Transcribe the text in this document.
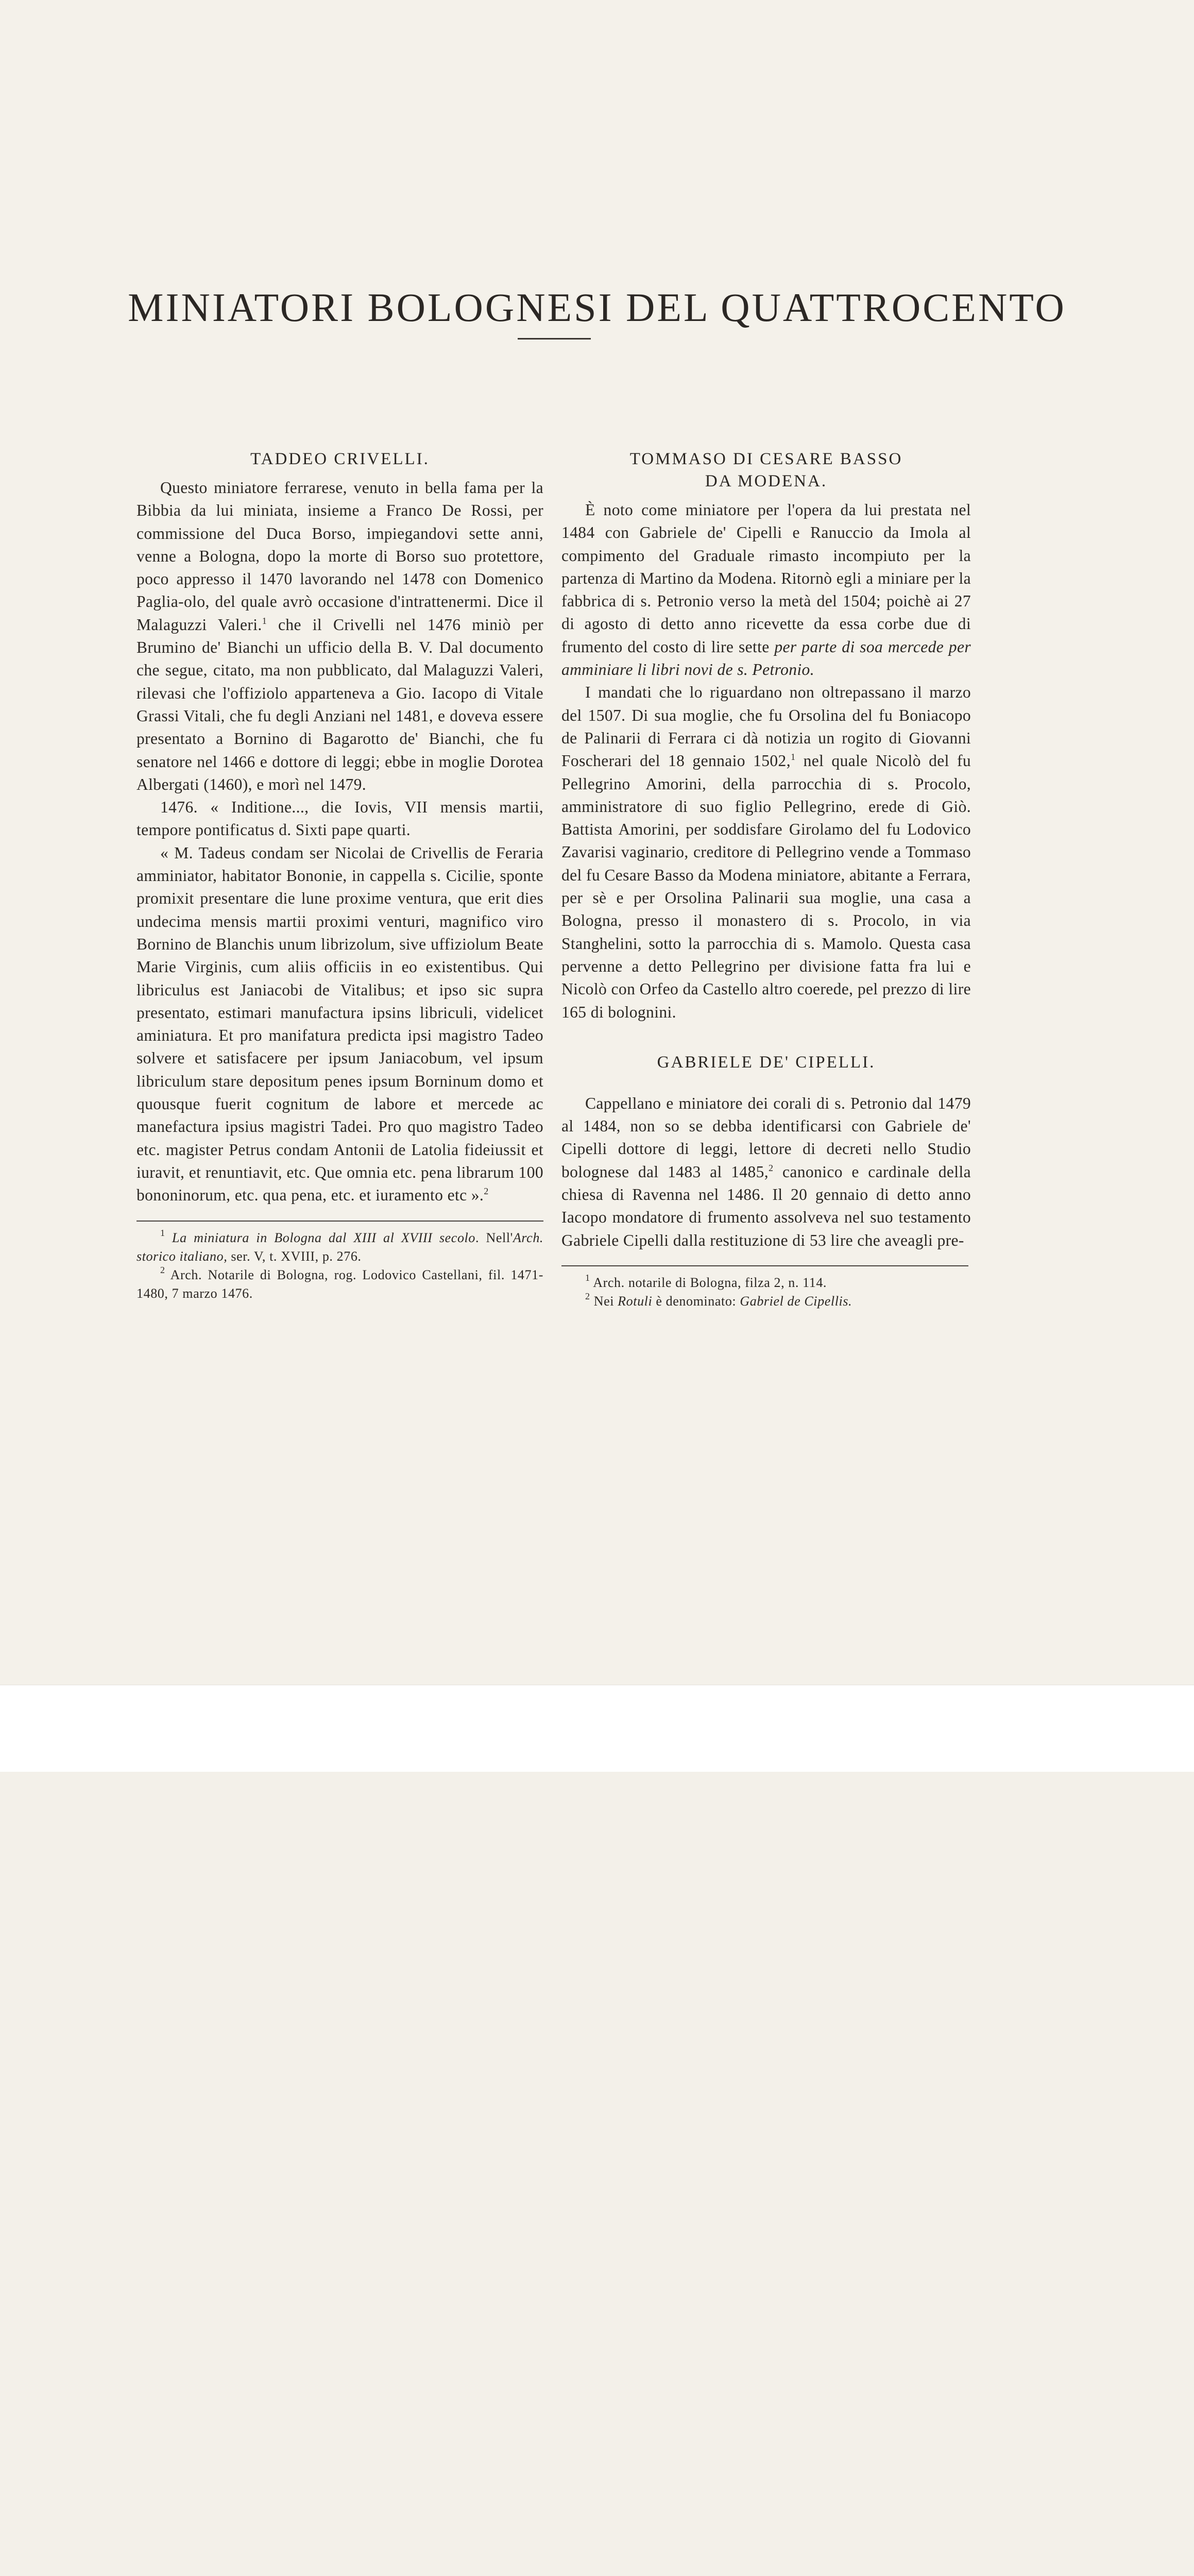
MINIATORI BOLOGNESI DEL QUATTROCENTO
TADDEO CRIVELLI.

Questo miniatore ferrarese, venuto in bella fama per la Bibbia da lui miniata, insieme a Franco De Rossi, per commissione del Duca Borso, impiegandovi sette anni, venne a Bologna, dopo la morte di Borso suo protettore, poco appresso il 1470 lavorando nel 1478 con Domenico Paglia-olo, del quale avrò occasione d'intrattenermi. Dice il Malaguzzi Valeri.$^1$ che il Crivelli nel 1476 miniò per Brumino de' Bianchi un ufficio della B. V. Dal documento che segue, citato, ma non pubblicato, dal Malaguzzi Valeri, rilevasi che l'offiziolo apparteneva a Gio. Iacopo di Vitale Grassi Vitali, che fu degli Anziani nel 1481, e doveva essere presentato a Bornino di Bagarotto de' Bianchi, che fu senatore nel 1466 e dottore di leggi; ebbe in moglie Dorotea Albergati (1460), e morì nel 1479.

1476. « Inditione..., die Iovis, VII mensis martii, tempore pontificatus d. Sixti pape quarti.

« M. Tadeus condam ser Nicolai de Crivellis de Feraria amminiator, habitator Bononie, in cappella s. Cicilie, sponte promixit presentare die lune proxime ventura, que erit dies undecima mensis martii proximi venturi, magnifico viro Bornino de Blanchis unum librizolum, sive uffiziolum Beate Marie Virginis, cum aliis officiis in eo existentibus. Qui libriculus est Janiacobi de Vitalibus; et ipso sic supra presentato, estimari manufactura ipsins libriculi, videlicet aminiatura. Et pro manifatura predicta ipsi magistro Tadeo solvere et satisfacere per ipsum Janiacobum, vel ipsum libriculum stare depositum penes ipsum Borninum domo et quousque fuerit cognitum de labore et mercede ac manefactura ipsius magistri Tadei. Pro quo magistro Tadeo etc. magister Petrus condam Antonii de Latolia fideiussit et iuravit, et renuntiavit, etc. Que omnia etc. pena librarum 100 bononinorum, etc. qua pena, etc. et iuramento etc ».$^2$

$^1$ La miniatura in Bologna dal XIII al XVIII secolo. Nell'Arch. storico italiano, ser. V, t. XVIII, p. 276.

$^2$ Arch. Notarile di Bologna, rog. Lodovico Castellani, fil. 1471-1480, 7 marzo 1476.

TOMMASO DI CESARE BASSO
DA MODENA.

È noto come miniatore per l'opera da lui prestata nel 1484 con Gabriele de' Cipelli e Ranuccio da Imola al compimento del Graduale rimasto incompiuto per la partenza di Martino da Modena. Ritornò egli a miniare per la fabbrica di s. Petronio verso la metà del 1504; poichè ai 27 di agosto di detto anno ricevette da essa corbe due di frumento del costo di lire sette per parte di soa mercede per amminiare li libri novi de s. Petronio.

I mandati che lo riguardano non oltrepassano il marzo del 1507. Di sua moglie, che fu Orsolina del fu Boniacopo de Palinarii di Ferrara ci dà notizia un rogito di Giovanni Foscherari del 18 gennaio 1502,$^1$ nel quale Nicolò del fu Pellegrino Amorini, della parrocchia di s. Procolo, amministratore di suo figlio Pellegrino, erede di Giò. Battista Amorini, per soddisfare Girolamo del fu Lodovico Zavarisi vaginario, creditore di Pellegrino vende a Tommaso del fu Cesare Basso da Modena miniatore, abitante a Ferrara, per sè e per Orsolina Palinarii sua moglie, una casa a Bologna, presso il monastero di s. Procolo, in via Stanghelini, sotto la parrocchia di s. Mamolo. Questa casa pervenne a detto Pellegrino per divisione fatta fra lui e Nicolò con Orfeo da Castello altro coerede, pel prezzo di lire 165 di bolognini.

GABRIELE DE' CIPELLI.

Cappellano e miniatore dei corali di s. Petronio dal 1479 al 1484, non so se debba identificarsi con Gabriele de' Cipelli dottore di leggi, lettore di decreti nello Studio bolognese dal 1483 al 1485,$^2$ canonico e cardinale della chiesa di Ravenna nel 1486. Il 20 gennaio di detto anno Iacopo mondatore di frumento assolveva nel suo testamento Gabriele Cipelli dalla restituzione di 53 lire che aveagli pre-

$^1$ Arch. notarile di Bologna, filza 2, n. 114.

$^2$ Nei Rotuli è denominato: Gabriel de Cipellis.
